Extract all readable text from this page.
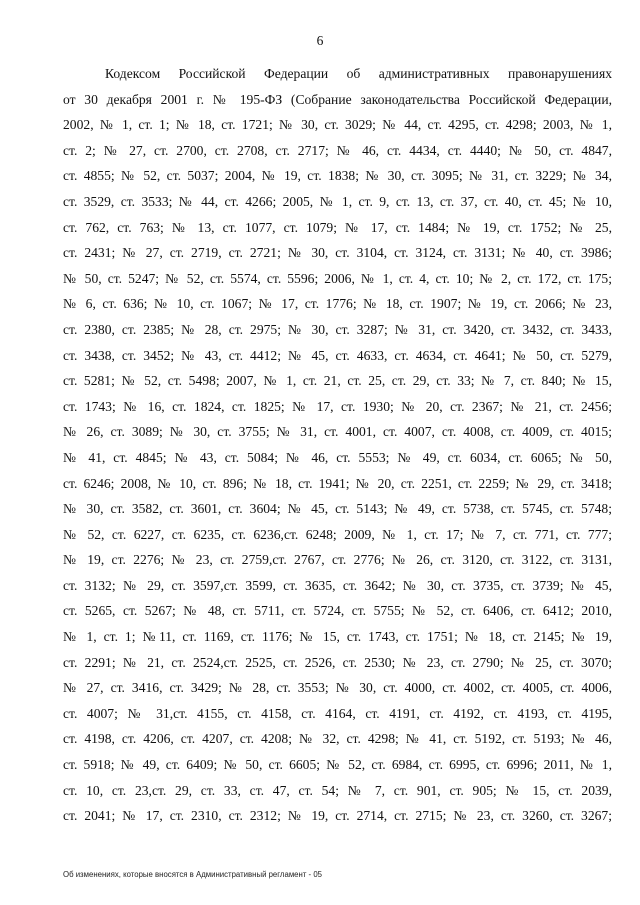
6
Кодексом Российской Федерации об административных правонарушениях
от 30 декабря 2001 г. № 195-ФЗ (Собрание законодательства Российской Федерации,
2002, № 1, ст. 1; № 18, ст. 1721; № 30, ст. 3029; № 44, ст. 4295, ст. 4298; 2003, № 1,
ст. 2; № 27, ст. 2700, ст. 2708, ст. 2717; № 46, ст. 4434, ст. 4440; № 50, ст. 4847,
ст. 4855; № 52, ст. 5037; 2004, № 19, ст. 1838; № 30, ст. 3095; № 31, ст. 3229; № 34,
ст. 3529, ст. 3533; № 44, ст. 4266; 2005, № 1, ст. 9, ст. 13, ст. 37, ст. 40, ст. 45; № 10,
ст. 762, ст. 763; № 13, ст. 1077, ст. 1079; № 17, ст. 1484; № 19, ст. 1752; № 25,
ст. 2431; № 27, ст. 2719, ст. 2721; № 30, ст. 3104, ст. 3124, ст. 3131; № 40, ст. 3986;
№ 50, ст. 5247; № 52, ст. 5574, ст. 5596; 2006, № 1, ст. 4, ст. 10; № 2, ст. 172, ст. 175;
№ 6, ст. 636; № 10, ст. 1067; № 17, ст. 1776; № 18, ст. 1907; № 19, ст. 2066; № 23,
ст. 2380, ст. 2385; № 28, ст. 2975; № 30, ст. 3287; № 31, ст. 3420, ст. 3432, ст. 3433,
ст. 3438, ст. 3452; № 43, ст. 4412; № 45, ст. 4633, ст. 4634, ст. 4641; № 50, ст. 5279,
ст. 5281; № 52, ст. 5498; 2007, № 1, ст. 21, ст. 25, ст. 29, ст. 33; № 7, ст. 840; № 15,
ст. 1743; № 16, ст. 1824, ст. 1825; № 17, ст. 1930; № 20, ст. 2367; № 21, ст. 2456;
№ 26, ст. 3089; № 30, ст. 3755; № 31, ст. 4001, ст. 4007, ст. 4008, ст. 4009, ст. 4015;
№ 41, ст. 4845; № 43, ст. 5084; № 46, ст. 5553; № 49, ст. 6034, ст. 6065; № 50,
ст. 6246; 2008, № 10, ст. 896; № 18, ст. 1941; № 20, ст. 2251, ст. 2259; № 29, ст. 3418;
№ 30, ст. 3582, ст. 3601, ст. 3604; № 45, ст. 5143; № 49, ст. 5738, ст. 5745, ст. 5748;
№ 52, ст. 6227, ст. 6235, ст. 6236,ст. 6248; 2009, № 1, ст. 17; № 7, ст. 771, ст. 777;
№ 19, ст. 2276; № 23, ст. 2759,ст. 2767, ст. 2776; № 26, ст. 3120, ст. 3122, ст. 3131,
ст. 3132; № 29, ст. 3597,ст. 3599, ст. 3635, ст. 3642; № 30, ст. 3735, ст. 3739; № 45,
ст. 5265, ст. 5267; № 48, ст. 5711, ст. 5724, ст. 5755; № 52, ст. 6406, ст. 6412; 2010,
№ 1, ст. 1; №11, ст. 1169, ст. 1176; № 15, ст. 1743, ст. 1751; № 18, ст. 2145; № 19,
ст. 2291; № 21, ст. 2524,ст. 2525, ст. 2526, ст. 2530; № 23, ст. 2790; № 25, ст. 3070;
№ 27, ст. 3416, ст. 3429; № 28, ст. 3553; № 30, ст. 4000, ст. 4002, ст. 4005, ст. 4006,
ст. 4007; № 31,ст. 4155, ст. 4158, ст. 4164, ст. 4191, ст. 4192, ст. 4193, ст. 4195,
ст. 4198, ст. 4206, ст. 4207, ст. 4208; № 32, ст. 4298; № 41, ст. 5192, ст. 5193; № 46,
ст. 5918; № 49, ст. 6409; № 50, ст. 6605; № 52, ст. 6984, ст. 6995, ст. 6996; 2011, № 1,
ст. 10, ст. 23,ст. 29, ст. 33, ст. 47, ст. 54; № 7, ст. 901, ст. 905; № 15, ст. 2039,
ст. 2041; № 17, ст. 2310, ст. 2312; № 19, ст. 2714, ст. 2715; № 23, ст. 3260, ст. 3267;
Об изменениях, которые вносятся в Административный регламент - 05
